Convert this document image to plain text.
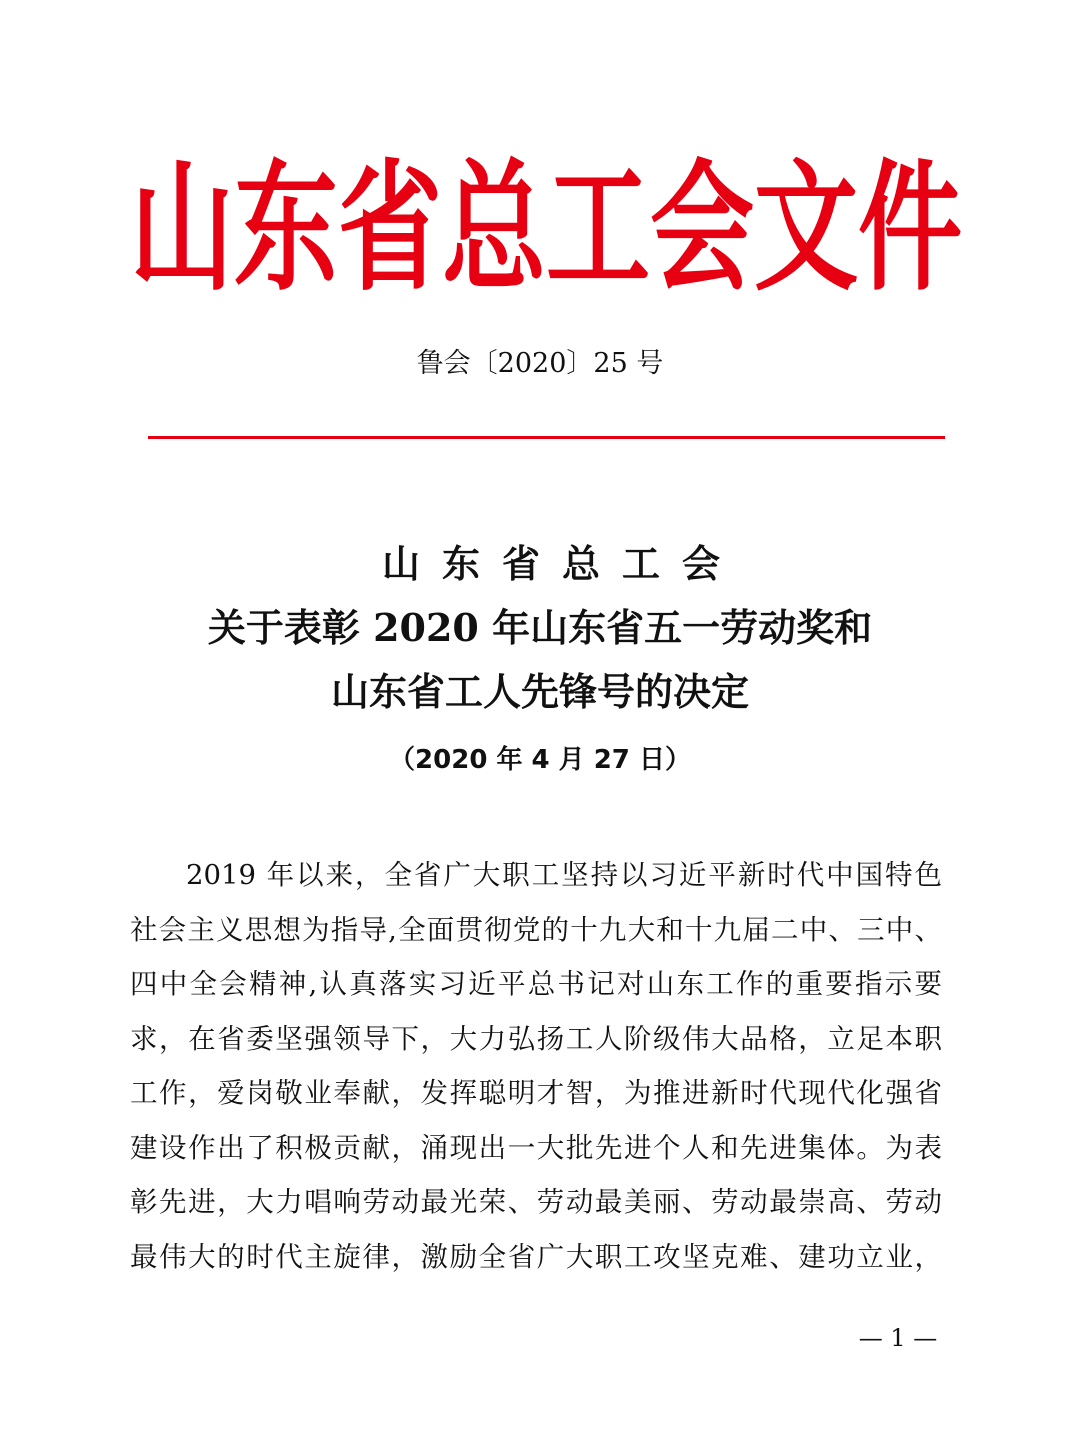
山 东 省 总 工 会 文 件
鲁会〔2020〕25 号
山东省总工会
关于表彰 2020 年山东省五一劳动奖和
山东省工人先锋号的决定
（2020 年 4 月 27 日）
2019 年以来，全省广大职工坚持以习近平新时代中国特色
社会主义思想为指导,全面贯彻党的十九大和十九届二中、三中、
四中全会精神,认真落实习近平总书记对山东工作的重要指示要
求，在省委坚强领导下，大力弘扬工人阶级伟大品格，立足本职
工作，爱岗敬业奉献，发挥聪明才智，为推进新时代现代化强省
建设作出了积极贡献，涌现出一大批先进个人和先进集体。为表
彰先进，大力唱响劳动最光荣、劳动最美丽、劳动最崇高、劳动
最伟大的时代主旋律，激励全省广大职工攻坚克难、建功立业，
— 1 —
